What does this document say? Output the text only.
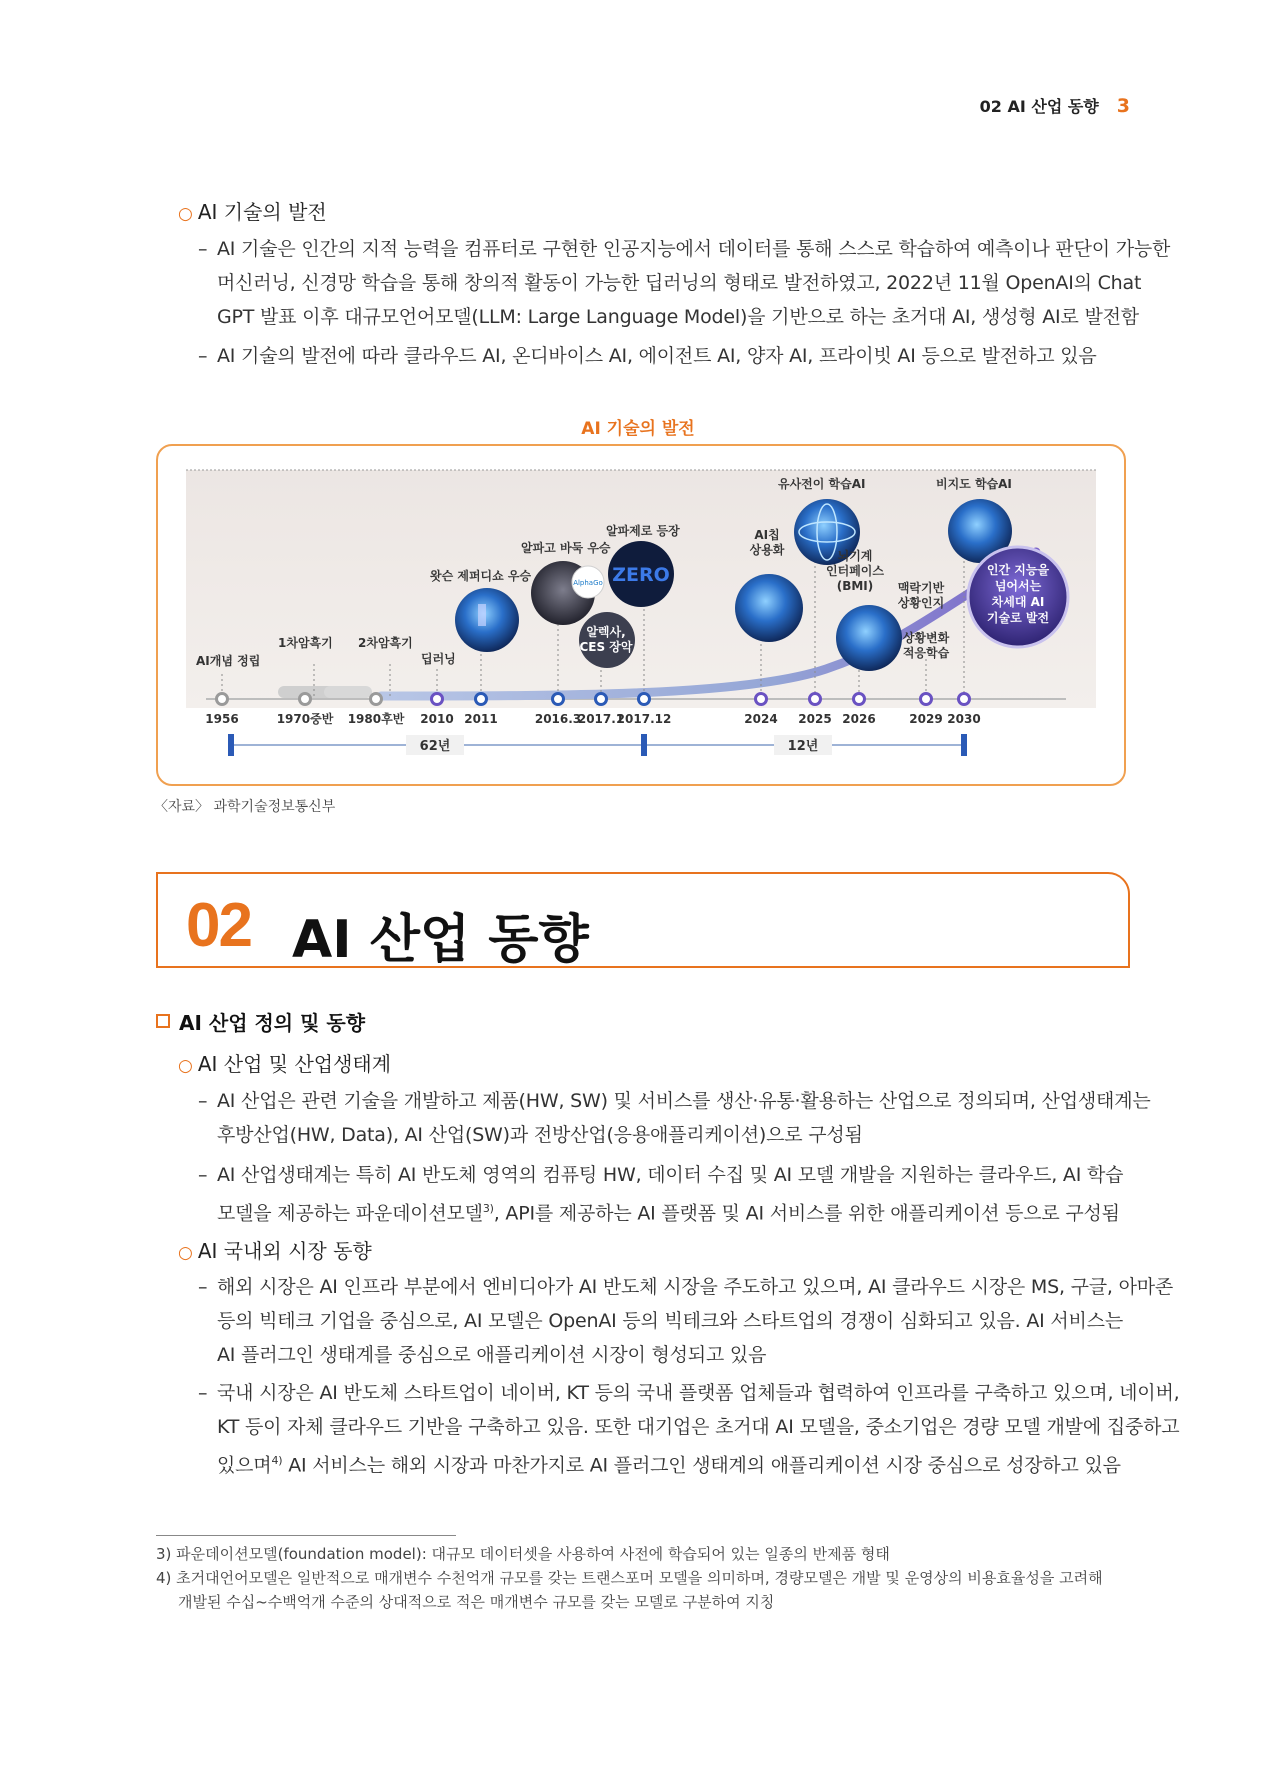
02 AI 산업 동향 3
○ AI 기술의 발전
– AI 기술은 인간의 지적 능력을 컴퓨터로 구현한 인공지능에서 데이터를 통해 스스로 학습하여 예측이나 판단이 가능한
머신러닝, 신경망 학습을 통해 창의적 활동이 가능한 딥러닝의 형태로 발전하였고, 2022년 11월 OpenAI의 Chat
GPT 발표 이후 대규모언어모델(LLM: Large Language Model)을 기반으로 하는 초거대 AI, 생성형 AI로 발전함
– AI 기술의 발전에 따라 클라우드 AI, 온디바이스 AI, 에이전트 AI, 양자 AI, 프라이빗 AI 등으로 발전하고 있음
AI 기술의 발전
AlphaGo ZERO
AI개념 정립
1차암흑기 2차암흑기
딥러닝
왓슨 제퍼디쇼 우승
알파고 바둑 우승
알파제로 등장
알렉사, CES 장악
AI칩 상용화
유사전이 학습AI
뇌기계 인터페이스 (BMI)	맥락기반 상황인지
상황변화 적응학습
비지도 학습AI
인간 지능을 넘어서는 차세대 AI 기술로 발전
1956	1970중반 1980후반 2010 2011	2016.3
2017.1
2017.12	2024 2025 2026	2029 2030
62년	12년
〈자료〉 과학기술정보통신부
02 AI 산업 동향
AI 산업 정의 및 동향
○ AI 산업 및 산업생태계
– AI 산업은 관련 기술을 개발하고 제품(HW, SW) 및 서비스를 생산·유통·활용하는 산업으로 정의되며, 산업생태계는
후방산업(HW, Data), AI 산업(SW)과 전방산업(응용애플리케이션)으로 구성됨
– AI 산업생태계는 특히 AI 반도체 영역의 컴퓨팅 HW, 데이터 수집 및 AI 모델 개발을 지원하는 클라우드, AI 학습
모델을 제공하는 파운데이션모델$^{3)}$, API를 제공하는 AI 플랫폼 및 AI 서비스를 위한 애플리케이션 등으로 구성됨
○ AI 국내외 시장 동향
– 해외 시장은 AI 인프라 부분에서 엔비디아가 AI 반도체 시장을 주도하고 있으며, AI 클라우드 시장은 MS, 구글, 아마존
등의 빅테크 기업을 중심으로, AI 모델은 OpenAI 등의 빅테크와 스타트업의 경쟁이 심화되고 있음. AI 서비스는
AI 플러그인 생태계를 중심으로 애플리케이션 시장이 형성되고 있음
– 국내 시장은 AI 반도체 스타트업이 네이버, KT 등의 국내 플랫폼 업체들과 협력하여 인프라를 구축하고 있으며, 네이버,
KT 등이 자체 클라우드 기반을 구축하고 있음. 또한 대기업은 초거대 AI 모델을, 중소기업은 경량 모델 개발에 집중하고
있으며$^{4)}$ AI 서비스는 해외 시장과 마찬가지로 AI 플러그인 생태계의 애플리케이션 시장 중심으로 성장하고 있음
3) 파운데이션모델(foundation model): 대규모 데이터셋을 사용하여 사전에 학습되어 있는 일종의 반제품 형태
4) 초거대언어모델은 일반적으로 매개변수 수천억개 규모를 갖는 트랜스포머 모델을 의미하며, 경량모델은 개발 및 운영상의 비용효율성을 고려해
개발된 수십~수백억개 수준의 상대적으로 적은 매개변수 규모를 갖는 모델로 구분하여 지칭
